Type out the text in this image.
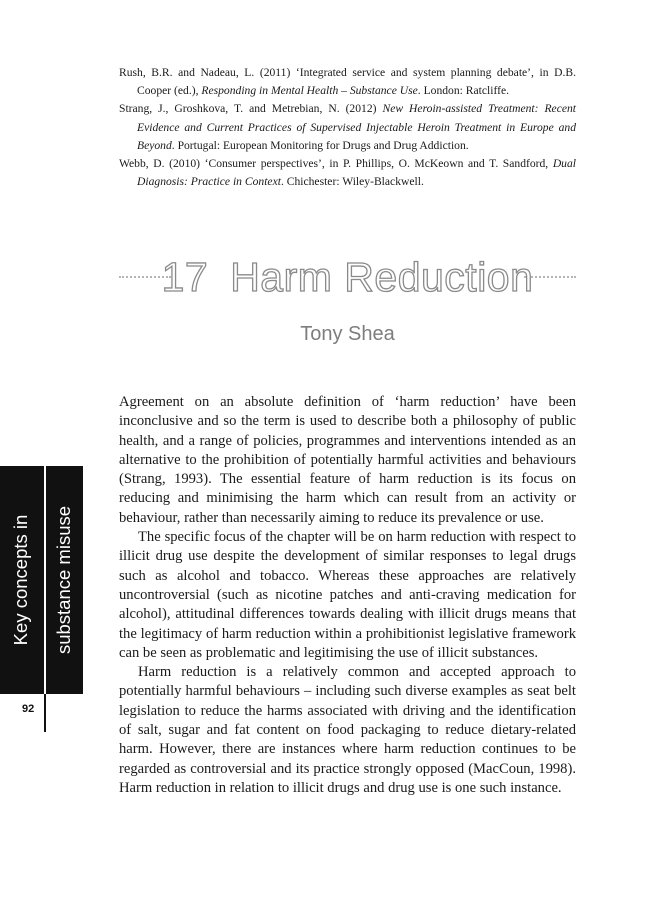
Rush, B.R. and Nadeau, L. (2011) ‘Integrated service and system planning debate’, in D.B. Cooper (ed.), Responding in Mental Health – Substance Use. London: Ratcliffe.
Strang, J., Groshkova, T. and Metrebian, N. (2012) New Heroin-assisted Treatment: Recent Evidence and Current Practices of Supervised Injectable Heroin Treatment in Europe and Beyond. Portugal: European Monitoring for Drugs and Drug Addiction.
Webb, D. (2010) ‘Consumer perspectives’, in P. Phillips, O. McKeown and T. Sandford, Dual Diagnosis: Practice in Context. Chichester: Wiley-Blackwell.
17 Harm Reduction
Tony Shea

Agreement on an absolute definition of ‘harm reduction’ have been inconclusive and so the term is used to describe both a philosophy of public health, and a range of policies, programmes and interventions intended as an alternative to the prohibition of potentially harmful activities and behaviours (Strang, 1993). The essential feature of harm reduction is its focus on reducing and minimising the harm which can result from an activity or behaviour, rather than necessarily aiming to reduce its prevalence or use.

The specific focus of the chapter will be on harm reduction with respect to illicit drug use despite the development of similar responses to legal drugs such as alcohol and tobacco. Whereas these approaches are relatively uncontroversial (such as nicotine patches and anti-craving medication for alcohol), attitudinal differences towards dealing with illicit drugs means that the legitimacy of harm reduction within a prohibitionist legislative framework can be seen as problematic and legitimising the use of illicit substances.

Harm reduction is a relatively common and accepted approach to potentially harmful behaviours – including such diverse examples as seat belt legislation to reduce the harms associated with driving and the identification of salt, sugar and fat content on food packaging to reduce dietary-related harm. However, there are instances where harm reduction continues to be regarded as controversial and its practice strongly opposed (MacCoun, 1998). Harm reduction in relation to illicit drugs and drug use is one such instance.

Key concepts in substance misuse
92
